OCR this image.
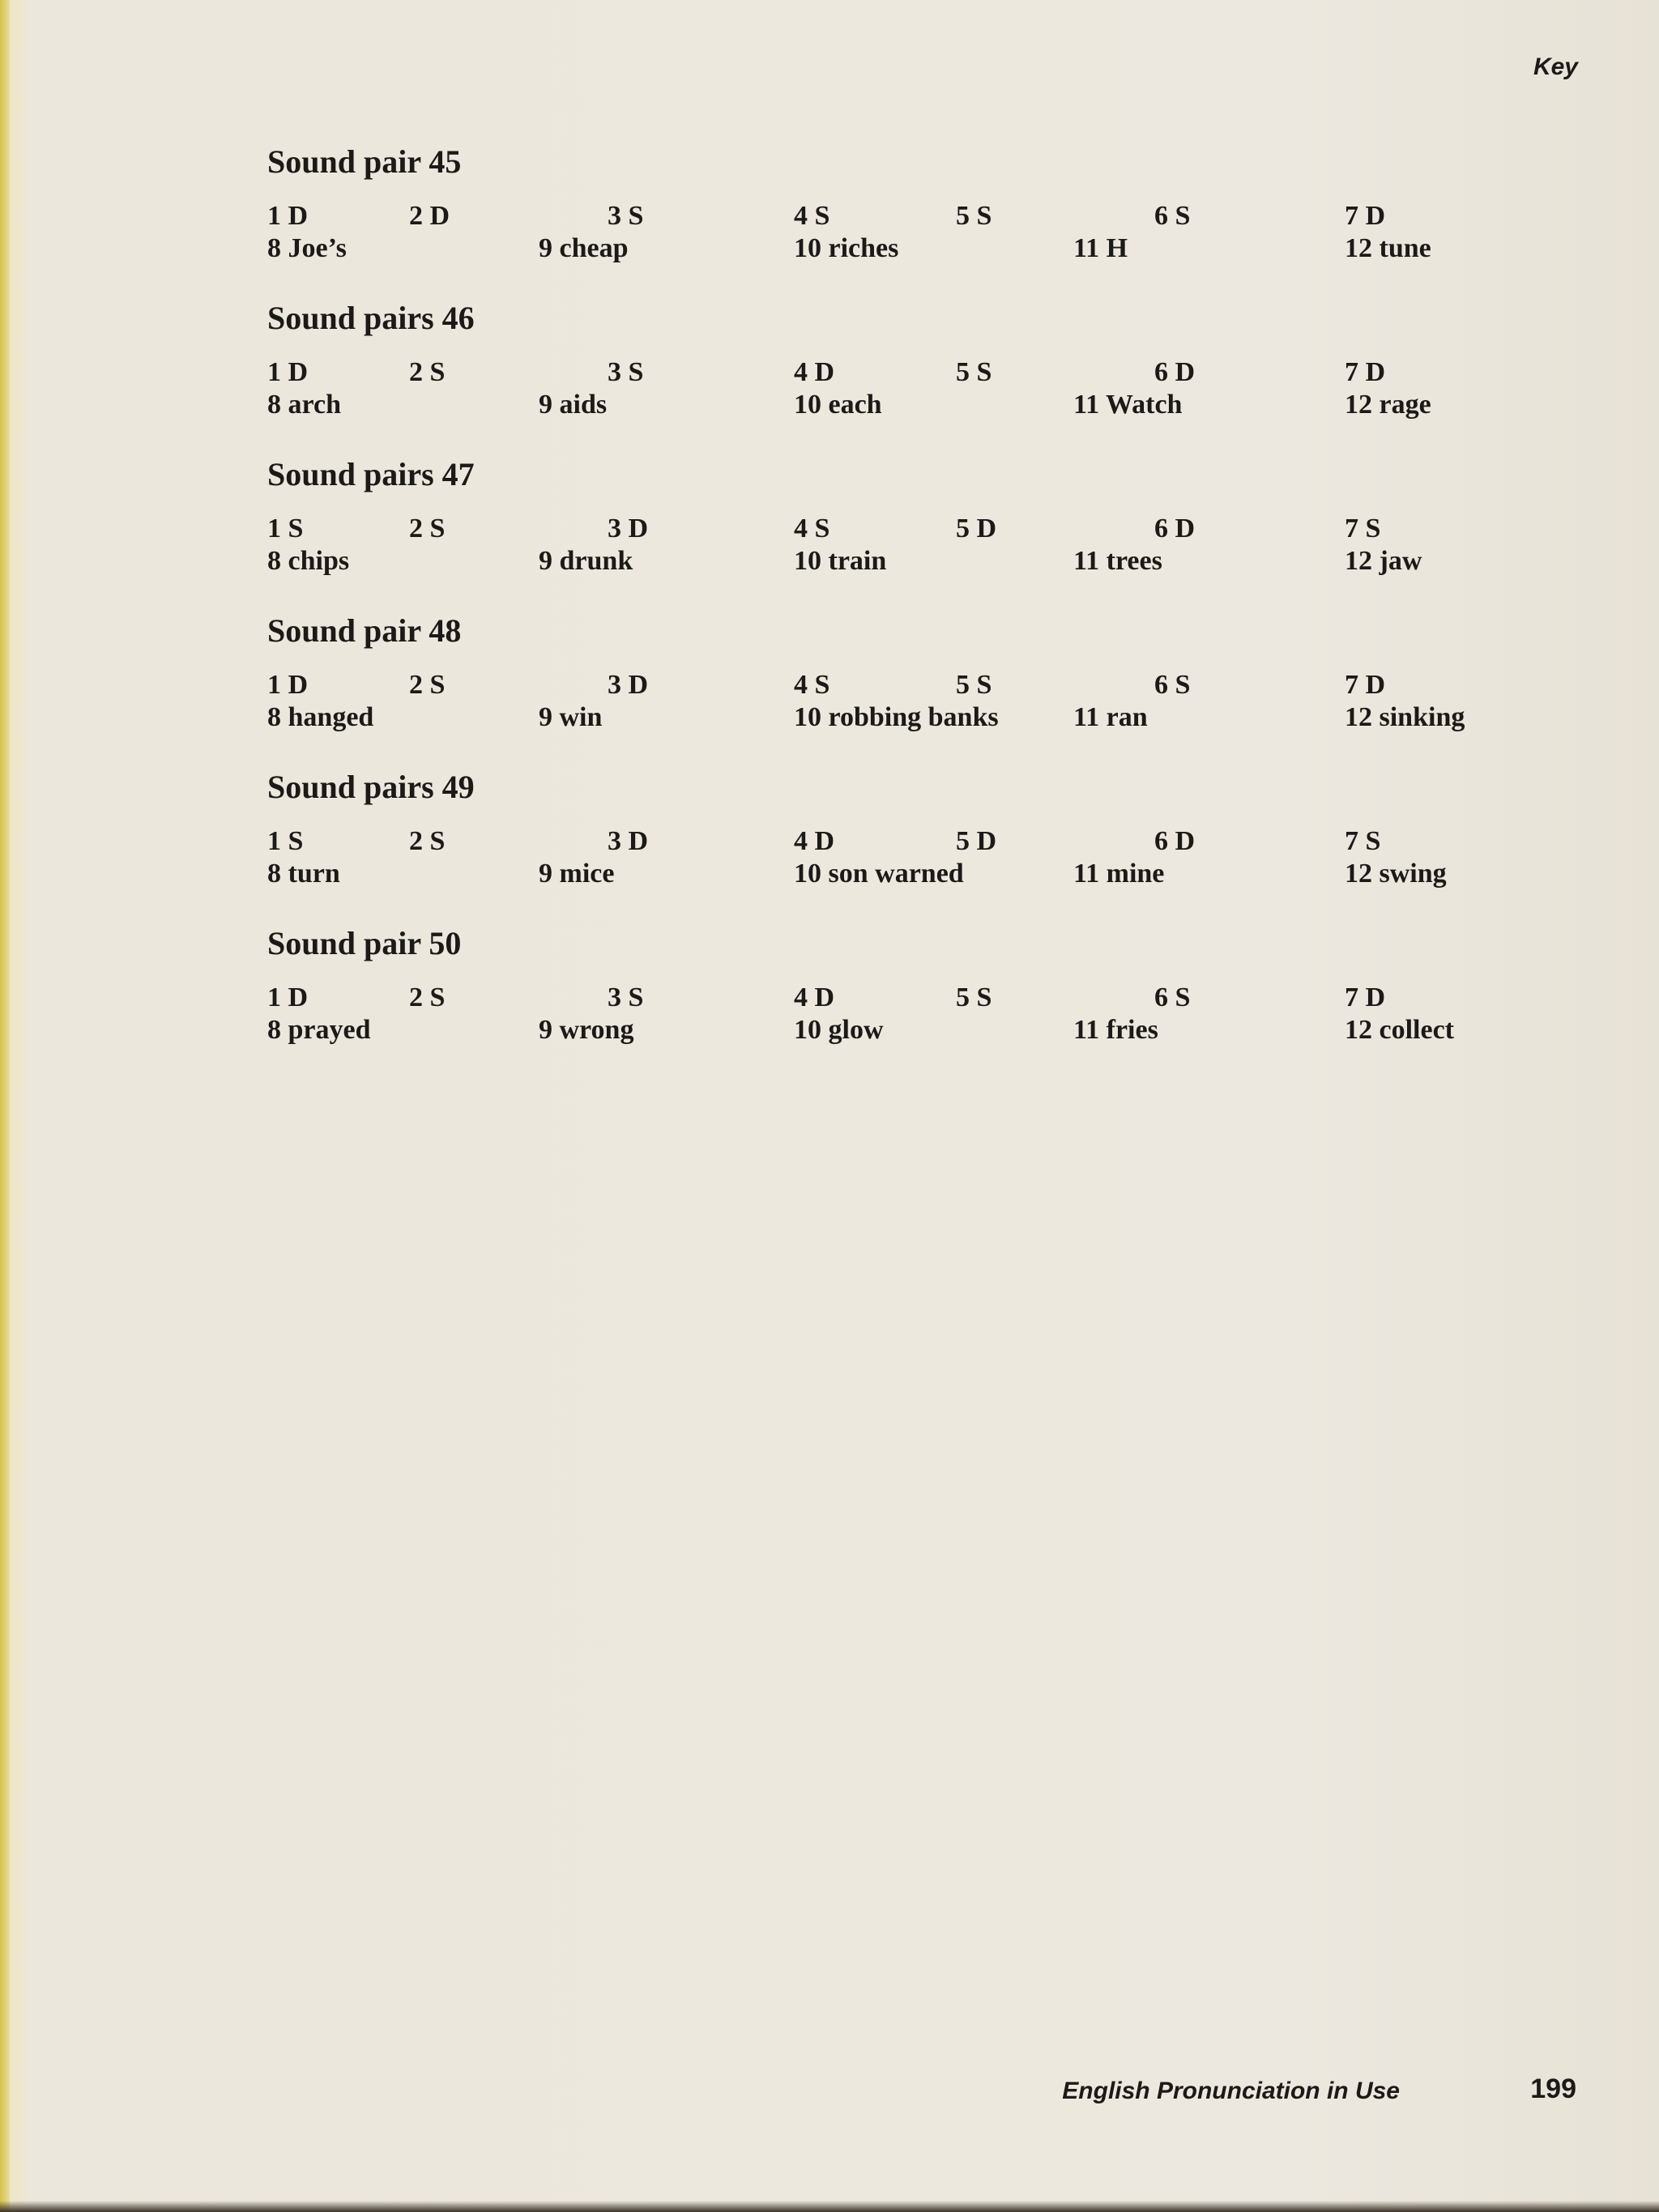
Key
Sound pair 45
1 D	2 D	3 S	4 S	5 S	6 S	7 D
8 Joe’s	9 cheap	10 riches	11 H	12 tune
Sound pairs 46
1 D	2 S	3 S	4 D	5 S	6 D	7 D
8 arch	9 aids	10 each	11 Watch	12 rage
Sound pairs 47
1 S	2 S	3 D	4 S	5 D	6 D	7 S
8 chips	9 drunk	10 train	11 trees	12 jaw
Sound pair 48
1 D	2 S	3 D	4 S	5 S	6 S	7 D
8 hanged	9 win	10 robbing banks	11 ran	12 sinking
Sound pairs 49
1 S	2 S	3 D	4 D	5 D	6 D	7 S
8 turn	9 mice	10 son warned	11 mine	12 swing
Sound pair 50
1 D	2 S	3 S	4 D	5 S	6 S	7 D
8 prayed	9 wrong	10 glow	11 fries	12 collect
English Pronunciation in Use	199
